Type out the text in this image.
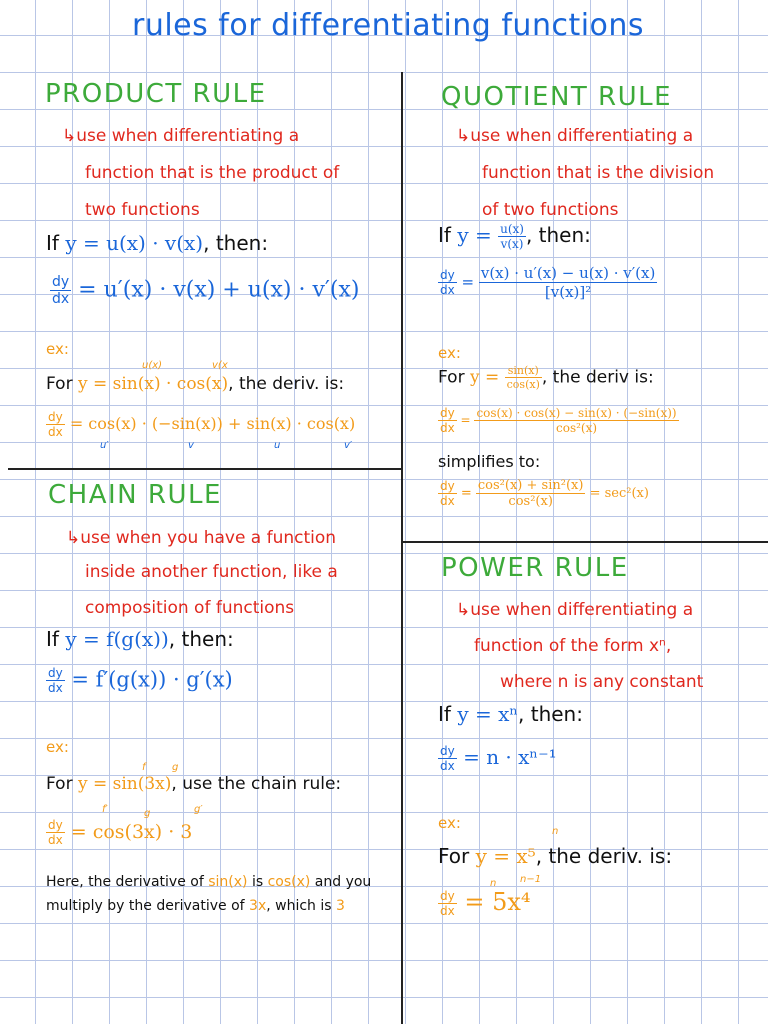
rules for differentiating functions
PRODUCT RULE
↳use when differentiating a
function that is the product of
two functions
If y = u(x) · v(x), then:
$\frac{dy}{dx} = u'(x) \cdot v(x) + u(x) \cdot v'(x)$
ex:
u(x)	v(x
For y = sin(x) · cos(x), the deriv. is:
$\frac{dy}{dx} = \cos(x) \cdot (-\sin(x)) + \sin(x) \cdot \cos(x)$
u′	v	u	v′
QUOTIENT RULE
↳use when differentiating a
function that is the division
of two functions
If $y = \frac{u(x)}{v(x)}$ , then:
$\frac{dy}{dx} = \frac{v(x) \cdot u'(x) - u(x) \cdot v'(x)}{\text{[v(x)]²}}$
ex:
For $y = \frac{\sin(x)}{\cos(x)}$ , the deriv is:
$\frac{dy}{dx} = \frac{\cos(x) \cdot \cos(x) - \sin(x) \cdot (-\sin(x))}{\text{cos²(x)}}$
simplifies to:
$\frac{dy}{dx} = \frac{\text{cos²(x) + sin²(x)}}{\text{cos²(x)}} = \sec^2(x)$
CHAIN RULE
↳use when you have a function
inside another function, like a
composition of functions
If y = f(g(x)), then:
$\frac{dy}{dx} = f'(g(x)) \cdot g'(x)$
ex:
f	g
For y = sin(3x), use the chain rule:
f′	g	g′
$\frac{dy}{dx} = \cos(3x) \cdot 3$
Here, the derivative of sin(x) is cos(x) and you multiply by the derivative of 3x, which is 3
POWER RULE
↳use when differentiating a
function of the form xⁿ,
where n is any constant
If y = xⁿ, then:
$\frac{dy}{dx} = n \cdot x^{n-1}$
ex:	n
For y = x⁵, the deriv. is:
n n−1
$\frac{dy}{dx} = 5x^4$
